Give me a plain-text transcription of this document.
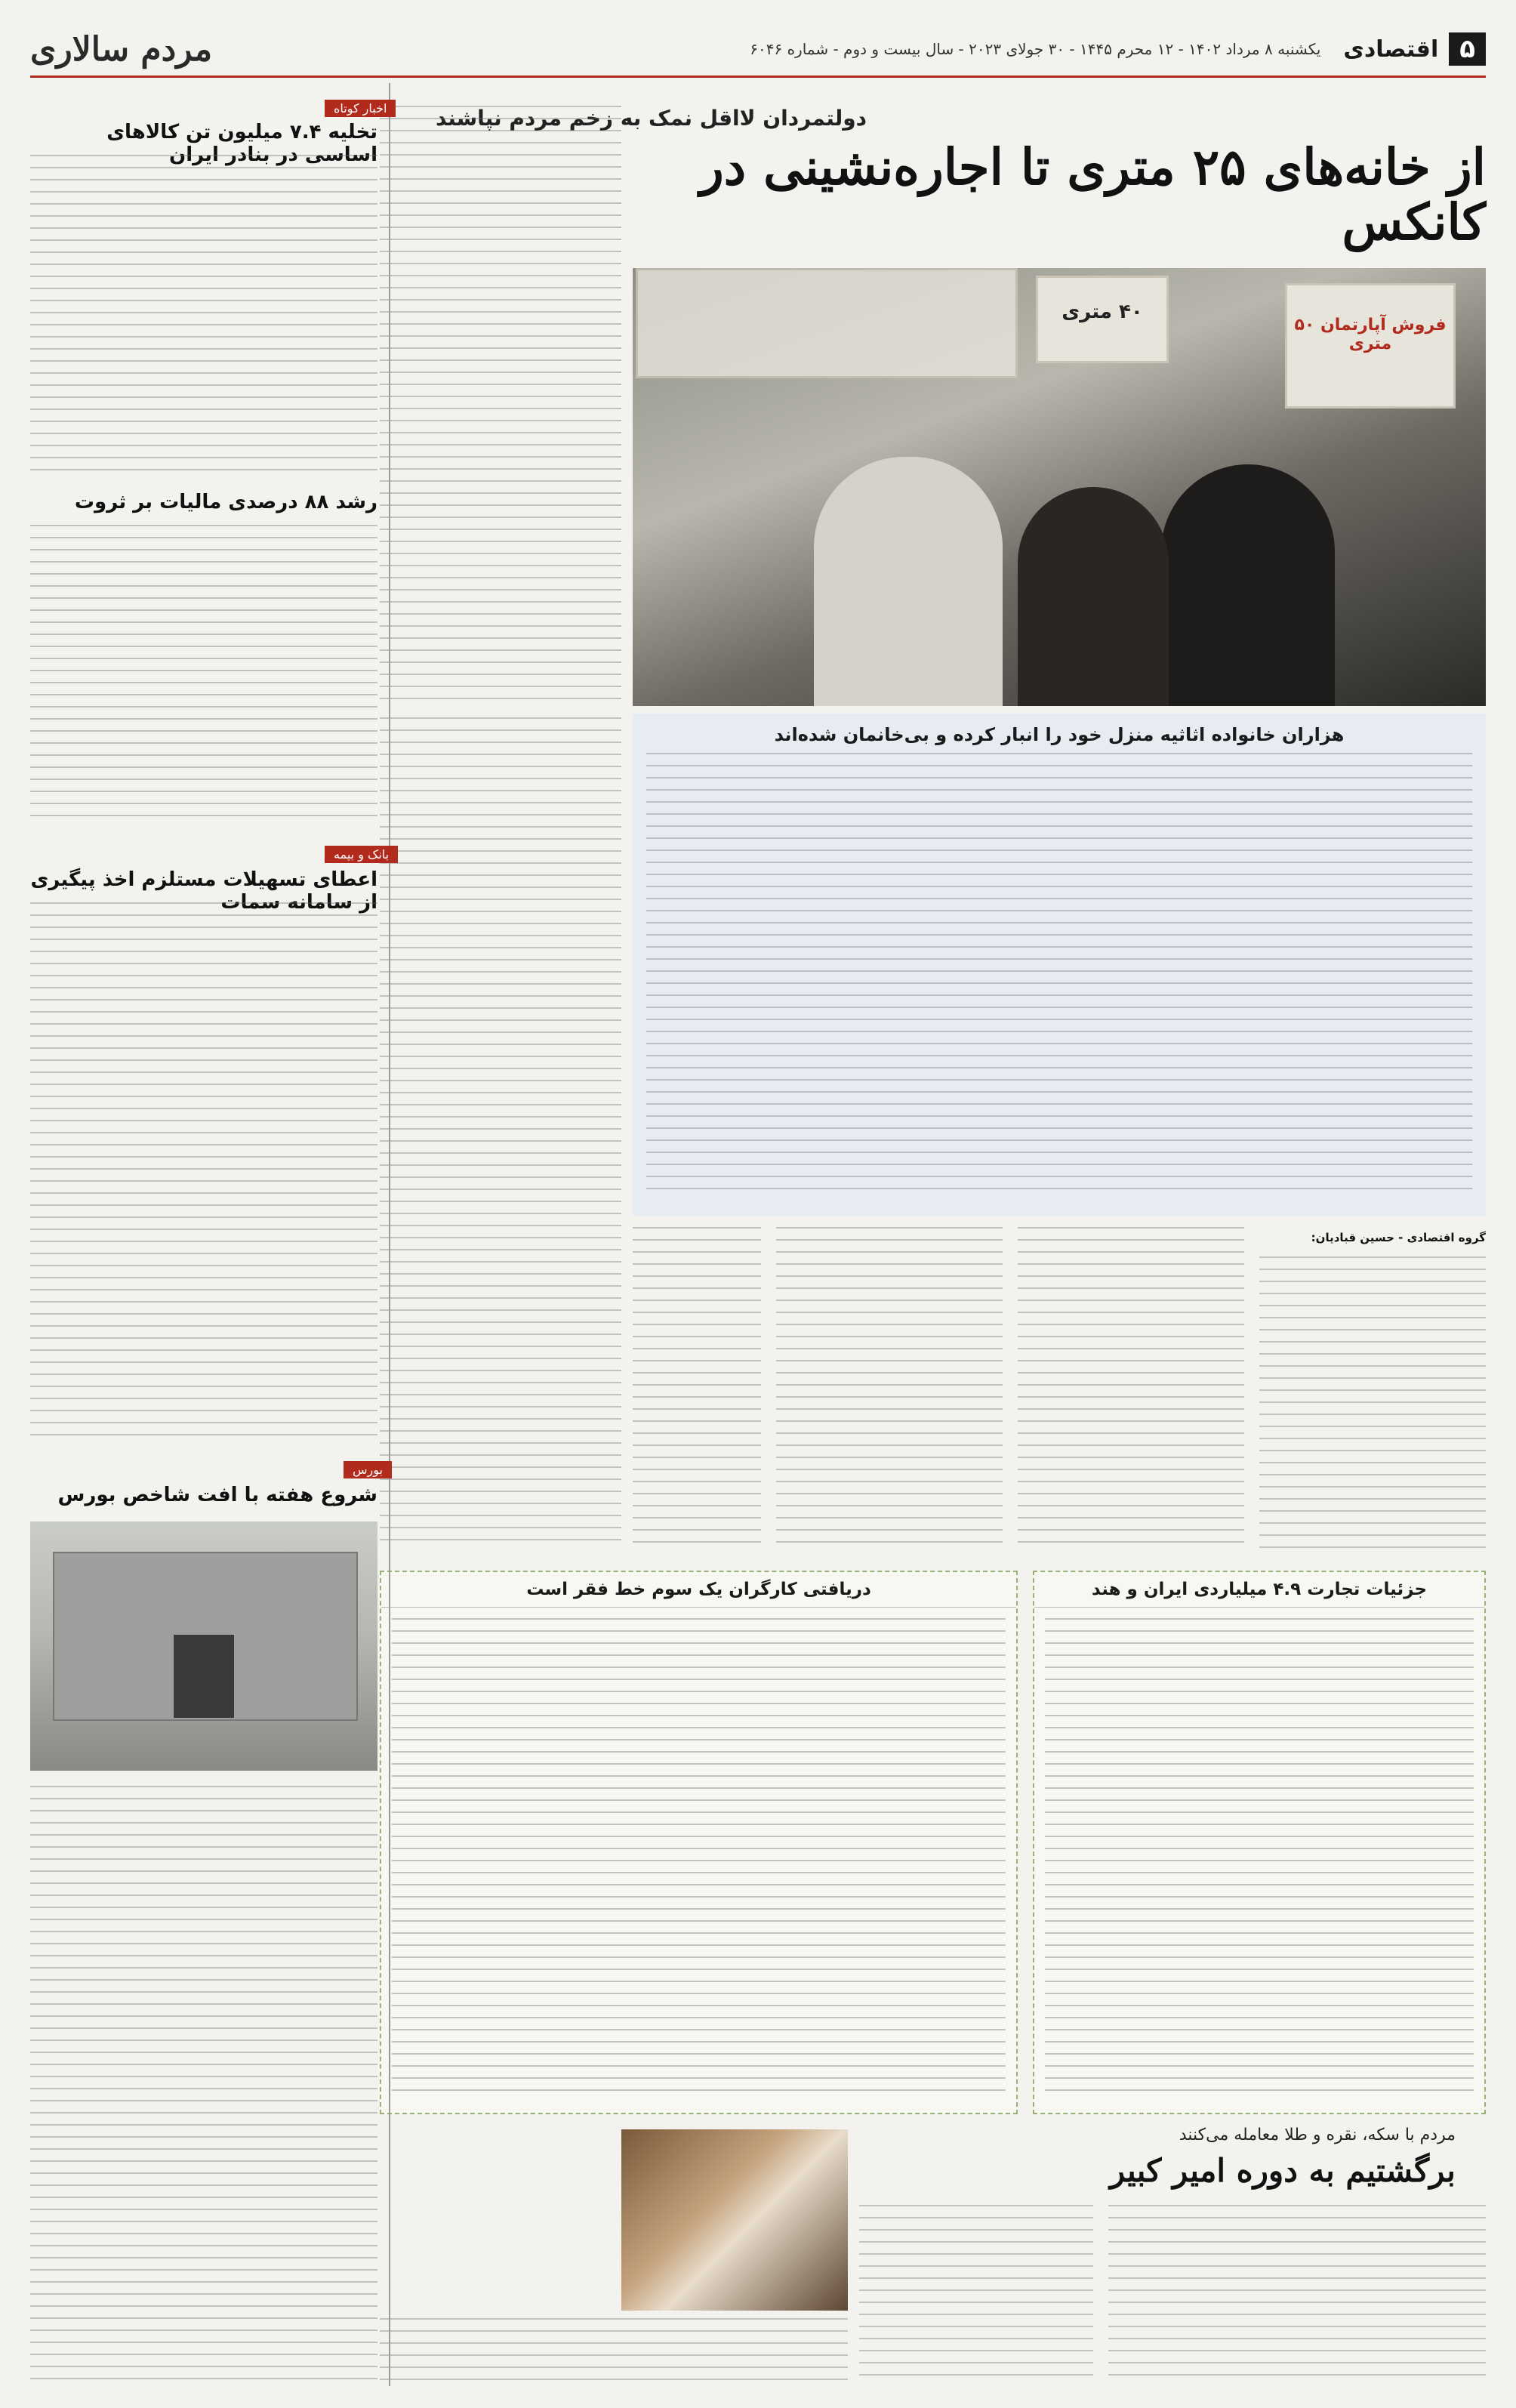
۵
اقتصادی
یکشنبه ۸ مرداد ۱۴۰۲ - ۱۲ محرم ۱۴۴۵ - ۳۰ جولای ۲۰۲۳ - سال بیست و دوم - شماره ۶۰۴۶
مردم سالاری
دولتمردان لااقل نمک به زخم مردم نپاشند
از خانه‌های ۲۵ متری تا اجاره‌نشینی در کانکس
فروش آپارتمان ۵۰ متری
۴۰ متری
هزاران خانواده اثاثیه منزل خود را انبار کرده و بی‌خانمان شده‌اند

گروه اقتصادی - حسین قبادیان:

جزئیات تجارت ۴.۹ میلیاردی ایران و هند
دریافتی کارگران یک سوم خط فقر است
مردم با سکه، نقره و طلا معامله می‌کنند
برگشتیم به دوره امیر کبیر
اخبار کوتاه
تخلیه ۷.۴ میلیون تن کالاهای اساسی در بنادر ایران
رشد ۸۸ درصدی مالیات بر ثروت
بانک و بیمه
اعطای تسهیلات مستلزم اخذ پیگیری از سامانه سمات
بورس
شروع هفته با افت شاخص بورس
